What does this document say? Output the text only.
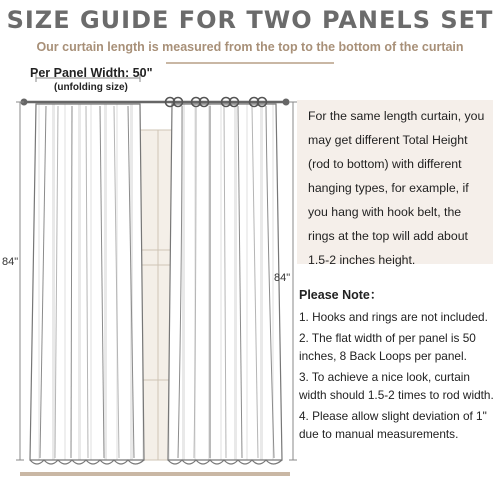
SIZE GUIDE FOR TWO PANELS SET
Our curtain length is measured from the top to the bottom of the curtain
Per Panel Width: 50"
(unfolding size)
84"
84"
For the same length curtain, you may get different Total Height (rod to bottom) with different hanging types, for example, if you hang with hook belt, the rings at the top will add about 1.5-2 inches height.
Please Note：
1. Hooks and rings are not included.
2. The flat width of per panel is 50 inches, 8 Back Loops per panel.
3. To achieve a nice look, curtain width should 1.5-2 times to rod width.
4. Please allow slight deviation of 1" due to manual measurements.
